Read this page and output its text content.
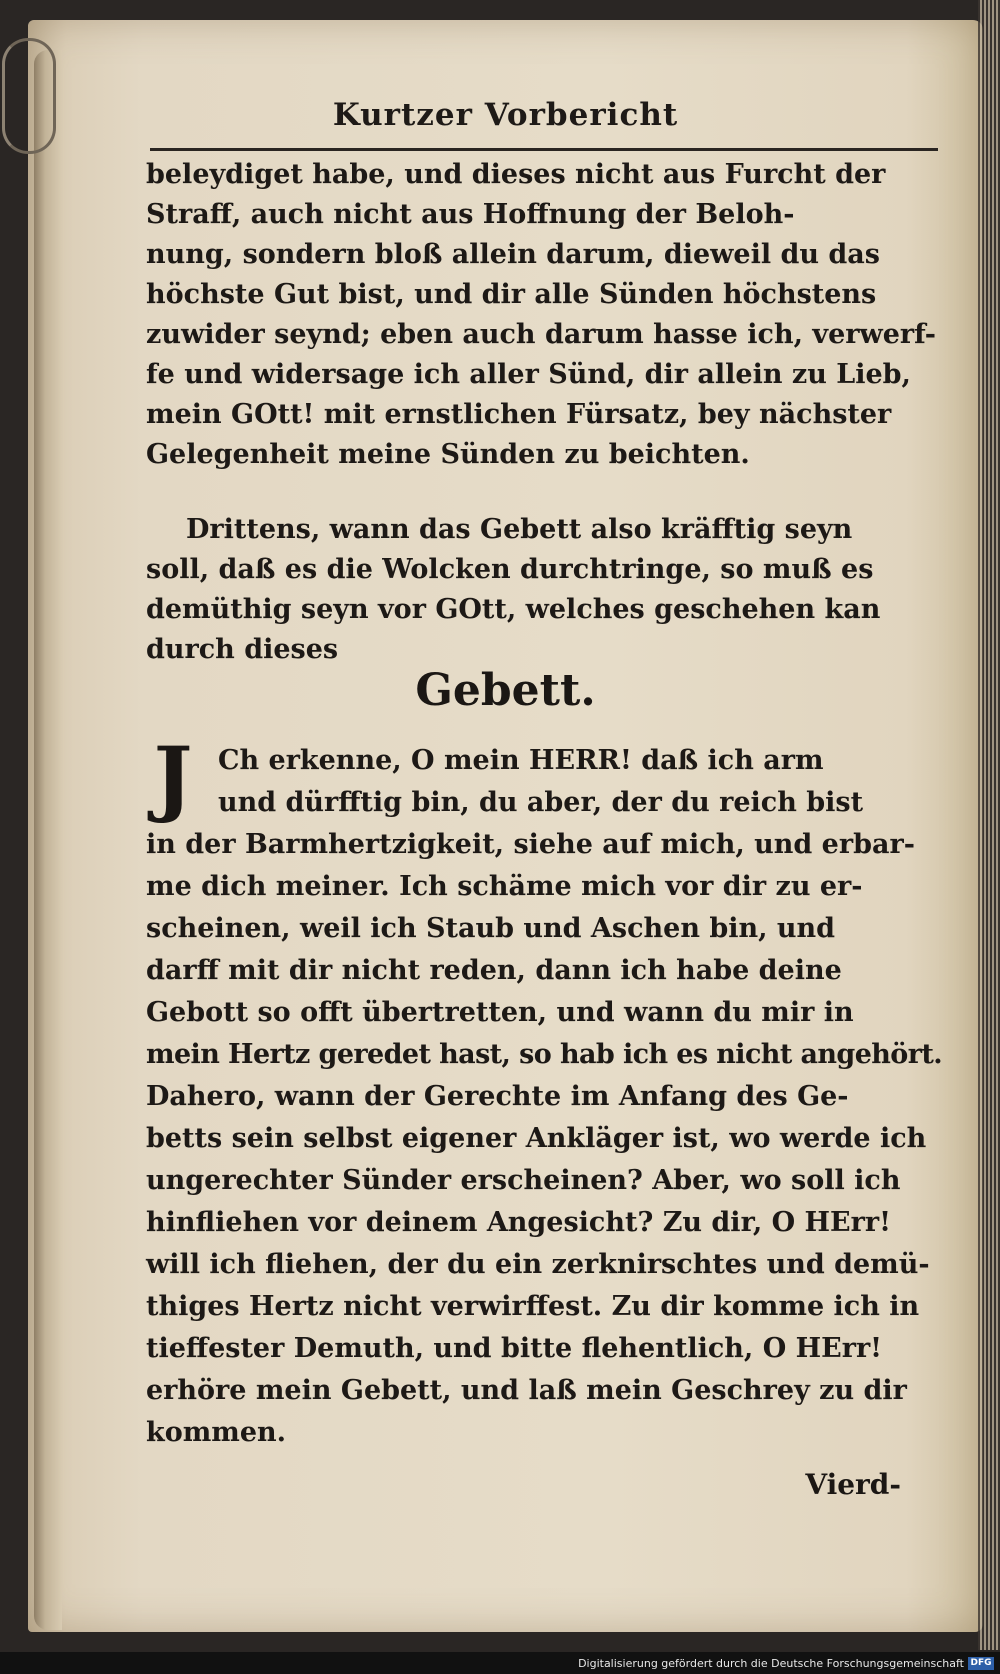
Kurtzer Vorbericht
beleydiget habe, und dieses nicht aus Furcht der
Straff, auch nicht aus Hoffnung der Beloh-
nung, sondern bloß allein darum, dieweil du das
höchste Gut bist, und dir alle Sünden höchstens
zuwider seynd; eben auch darum hasse ich, verwerf-
fe und widersage ich aller Sünd, dir allein zu Lieb,
mein GOtt! mit ernstlichen Fürsatz, bey nächster
Gelegenheit meine Sünden zu beichten.
Drittens, wann das Gebett also kräfftig seyn
soll, daß es die Wolcken durchtringe, so muß es
demüthig seyn vor GOtt, welches geschehen kan
durch dieses
Gebett.
J Ch erkenne, O mein HERR! daß ich arm
und dürfftig bin, du aber, der du reich bist
in der Barmhertzigkeit, siehe auf mich, und erbar-
me dich meiner. Ich schäme mich vor dir zu er-
scheinen, weil ich Staub und Aschen bin, und
darff mit dir nicht reden, dann ich habe deine
Gebott so offt übertretten, und wann du mir in
mein Hertz geredet hast, so hab ich es nicht angehört.
Dahero, wann der Gerechte im Anfang des Ge-
betts sein selbst eigener Ankläger ist, wo werde ich
ungerechter Sünder erscheinen? Aber, wo soll ich
hinfliehen vor deinem Angesicht? Zu dir, O HErr!
will ich fliehen, der du ein zerknirschtes und demü-
thiges Hertz nicht verwirffest. Zu dir komme ich in
tieffester Demuth, und bitte flehentlich, O HErr!
erhöre mein Gebett, und laß mein Geschrey zu dir
kommen.
Vierd-
Digitalisierung gefördert durch die Deutsche Forschungsgemeinschaft DFG
